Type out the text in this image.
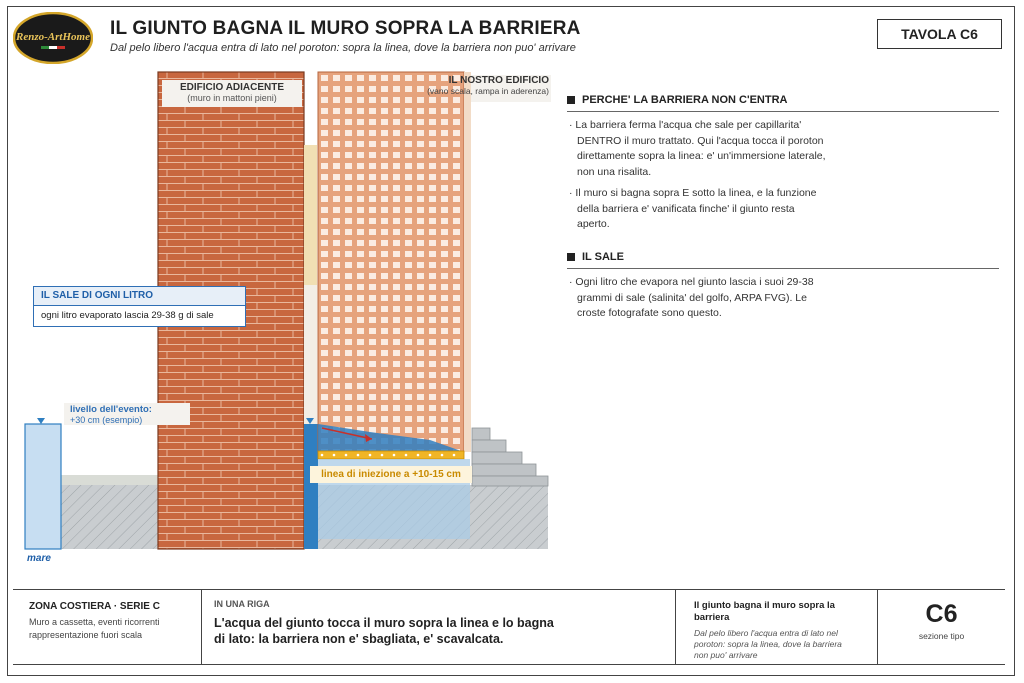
Renzo-ArtHome IL GIUNTO BAGNA IL MURO SOPRA LA BARRIERA
Dal pelo libero l'acqua entra di lato nel poroton: sopra la linea, dove la barriera non puo' arrivare
TAVOLA C6
EDIFICIO ADIACENTE
(muro in mattoni pieni)
IL NOSTRO EDIFICIO
(vano scala, rampa in aderenza)
IL SALE DI OGNI LITRO
ogni litro evaporato lascia 29-38 g di sale
livello dell'evento:
+30 cm (esempio)
linea di iniezione a +10-15 cm
mare
PERCHE' LA BARRIERA NON C'ENTRA
· La barriera ferma l'acqua che sale per capillarita' DENTRO il muro trattato. Qui l'acqua tocca il poroton direttamente sopra la linea: e' un'immersione laterale, non una risalita.
· Il muro si bagna sopra E sotto la linea, e la funzione della barriera e' vanificata finche' il giunto resta aperto.
IL SALE
· Ogni litro che evapora nel giunto lascia i suoi 29-38 grammi di sale (salinita' del golfo, ARPA FVG). Le croste fotografate sono questo.
ZONA COSTIERA · SERIE C
Muro a cassetta, eventi ricorrenti rappresentazione fuori scala
IN UNA RIGA
L'acqua del giunto tocca il muro sopra la linea e lo bagna di lato: la barriera non e' sbagliata, e' scavalcata.
Il giunto bagna il muro sopra la barriera
Dal pelo libero l'acqua entra di lato nel poroton: sopra la linea, dove la barriera non puo' arrivare
C6
sezione tipo
